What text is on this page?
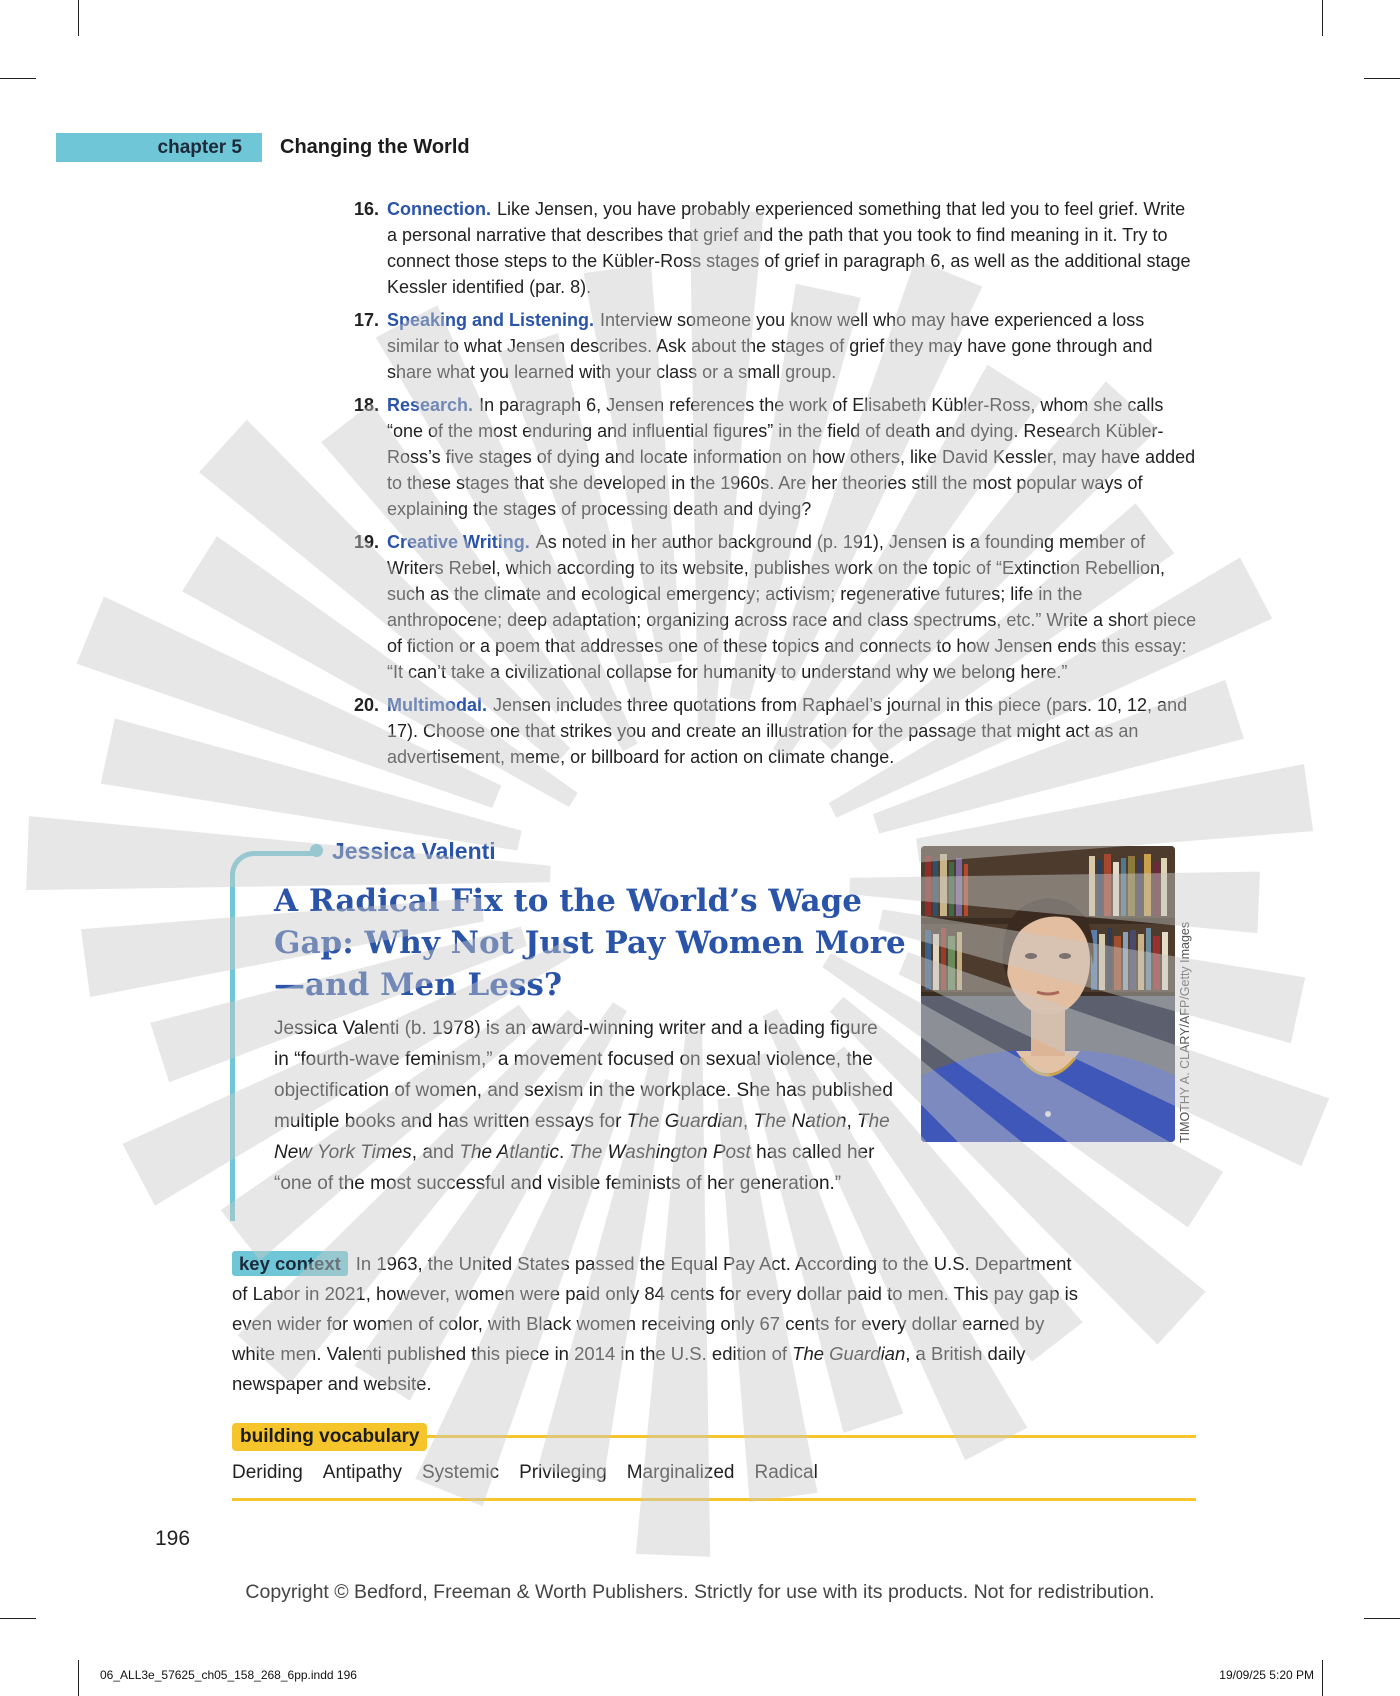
chapter 5	Changing the World
16. Connection. Like Jensen, you have probably experienced something that led you to feel grief. Write a personal narrative that describes that grief and the path that you took to find meaning in it. Try to connect those steps to the Kübler-Ross stages of grief in paragraph 6, as well as the additional stage Kessler identified (par. 8).
17. Speaking and Listening. Interview someone you know well who may have experienced a loss similar to what Jensen describes. Ask about the stages of grief they may have gone through and share what you learned with your class or a small group.
18. Research. In paragraph 6, Jensen references the work of Elisabeth Kübler-Ross, whom she calls “one of the most enduring and influential figures” in the field of death and dying. Research Kübler-Ross’s five stages of dying and locate information on how others, like David Kessler, may have added to these stages that she developed in the 1960s. Are her theories still the most popular ways of explaining the stages of processing death and dying?
19. Creative Writing. As noted in her author background (p. 191), Jensen is a founding member of Writers Rebel, which according to its website, publishes work on the topic of “Extinction Rebellion, such as the climate and ecological emergency; activism; regenerative futures; life in the anthropocene; deep adaptation; organizing across race and class spectrums, etc.” Write a short piece of fiction or a poem that addresses one of these topics and connects to how Jensen ends this essay: “It can’t take a civilizational collapse for humanity to understand why we belong here.”
20. Multimodal. Jensen includes three quotations from Raphael’s journal in this piece (pars. 10, 12, and 17). Choose one that strikes you and create an illustration for the passage that might act as an advertisement, meme, or billboard for action on climate change.
Jessica Valenti
A Radical Fix to the World’s Wage Gap: Why Not Just Pay Women More—and Men Less?

Jessica Valenti (b. 1978) is an award-winning writer and a leading figure in “fourth-wave feminism,” a movement focused on sexual violence, the objectification of women, and sexism in the workplace. She has published multiple books and has written essays for The Guardian, The Nation, The New York Times, and The Atlantic. The Washington Post has called her “one of the most successful and visible feminists of her generation.”

TIMOTHY A. CLARY/AFP/Getty Images

key context In 1963, the United States passed the Equal Pay Act. According to the U.S. Department of Labor in 2021, however, women were paid only 84 cents for every dollar paid to men. This pay gap is even wider for women of color, with Black women receiving only 67 cents for every dollar earned by white men. Valenti published this piece in 2014 in the U.S. edition of The Guardian, a British daily newspaper and website.

building vocabulary
Deriding Antipathy Systemic Privileging Marginalized Radical
196
Copyright © Bedford, Freeman & Worth Publishers. Strictly for use with its products. Not for redistribution.
06_ALL3e_57625_ch05_158_268_6pp.indd 196	19/09/25 5:20 PM
